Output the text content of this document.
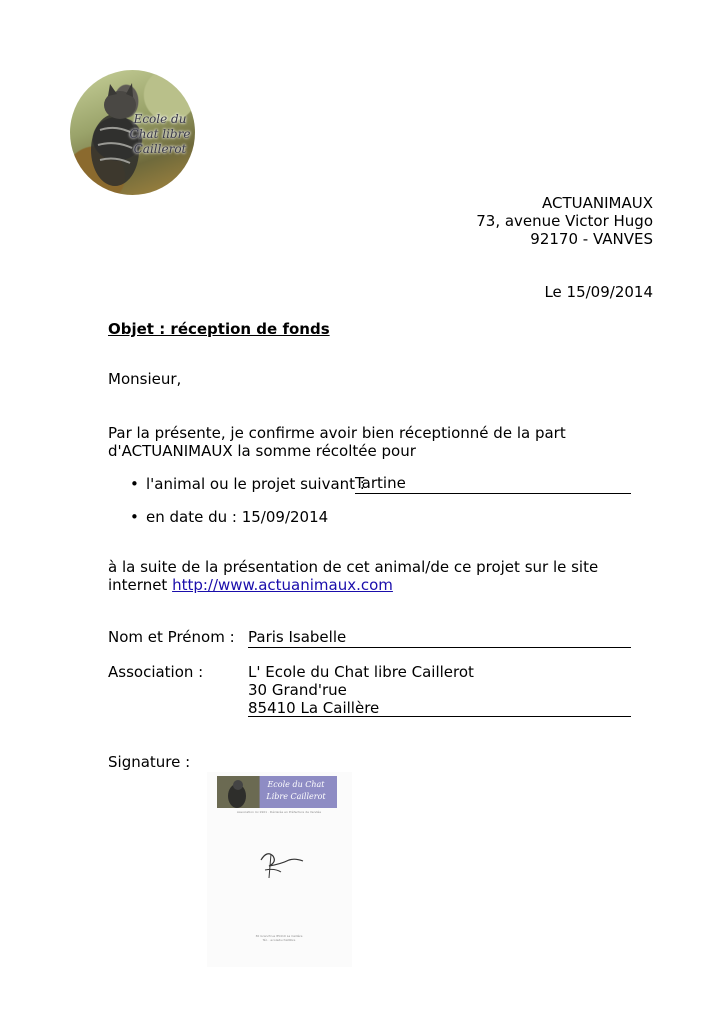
Ecole du
Chat libre
Caillerot
ACTUANIMAUX
73, avenue Victor Hugo
92170 - VANVES
Le 15/09/2014
Objet : réception de fonds
Monsieur,
Par la présente, je confirme avoir bien réceptionné de la part
d'ACTUANIMAUX la somme récoltée pour
• l'animal ou le projet suivant :
Tartine
• en date du : 15/09/2014
à la suite de la présentation de cet animal/de ce projet sur le site
internet http://www.actuanimaux.com
Nom et Prénom : Paris Isabelle
Association :	L' Ecole du Chat libre Caillerot
30 Grand'rue
85410 La Caillère
Signature :
Ecole du Chat
Libre Caillerot
Association loi 1901 · Déclarée en Préfecture de Vendée
30 Grand'rue 85410 La Caillère
Tél. · ecoleduchatlibre
